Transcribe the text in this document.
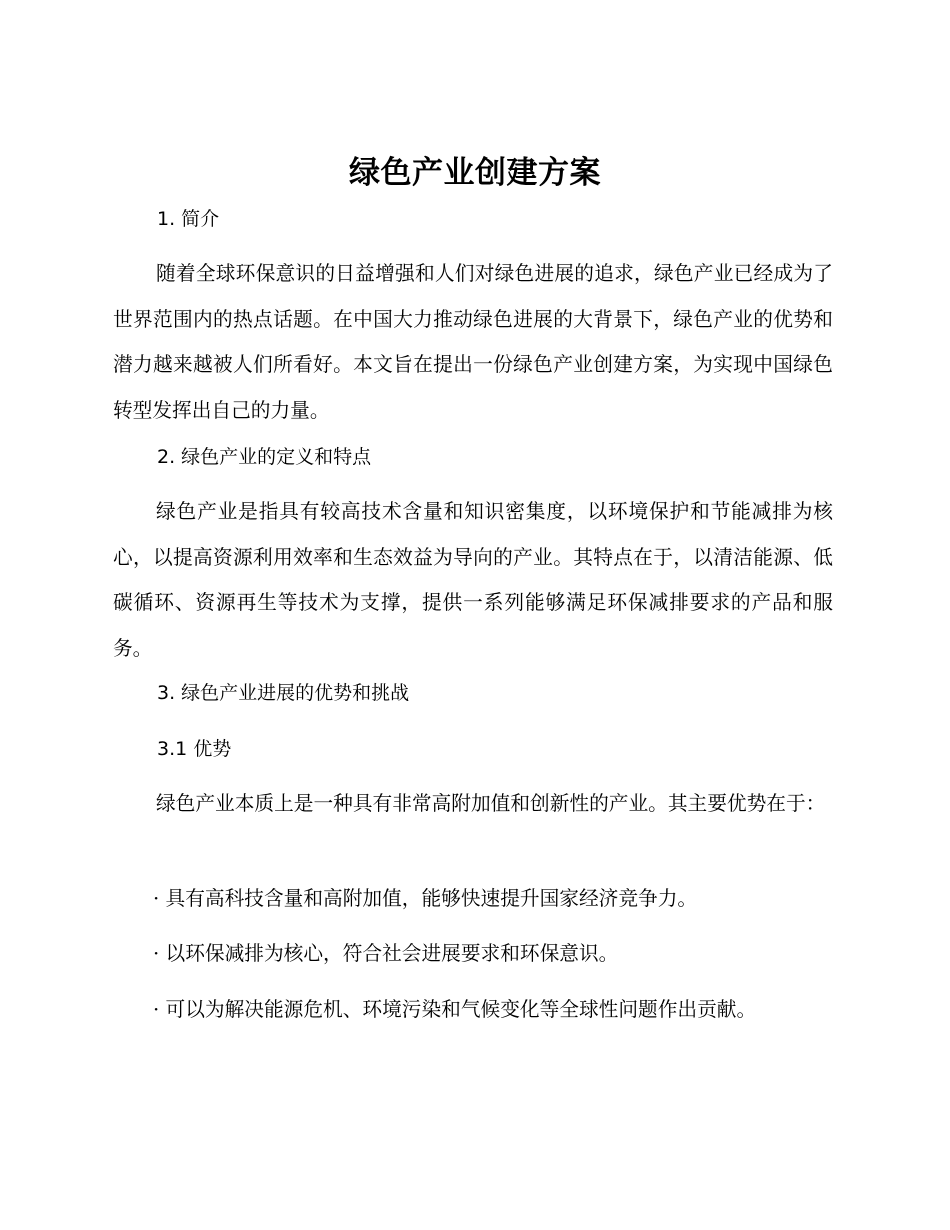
绿色产业创建方案
1. 简介
随着全球环保意识的日益增强和人们对绿色进展的追求，绿色产业已经成为了世界范围内的热点话题。在中国大力推动绿色进展的大背景下，绿色产业的优势和潜力越来越被人们所看好。本文旨在提出一份绿色产业创建方案，为实现中国绿色转型发挥出自己的力量。
2. 绿色产业的定义和特点
绿色产业是指具有较高技术含量和知识密集度，以环境保护和节能减排为核心，以提高资源利用效率和生态效益为导向的产业。其特点在于，以清洁能源、低碳循环、资源再生等技术为支撑，提供一系列能够满足环保减排要求的产品和服务。
3. 绿色产业进展的优势和挑战
3.1 优势
绿色产业本质上是一种具有非常高附加值和创新性的产业。其主要优势在于：
· 具有高科技含量和高附加值，能够快速提升国家经济竞争力。
· 以环保减排为核心，符合社会进展要求和环保意识。
· 可以为解决能源危机、环境污染和气候变化等全球性问题作出贡献。
